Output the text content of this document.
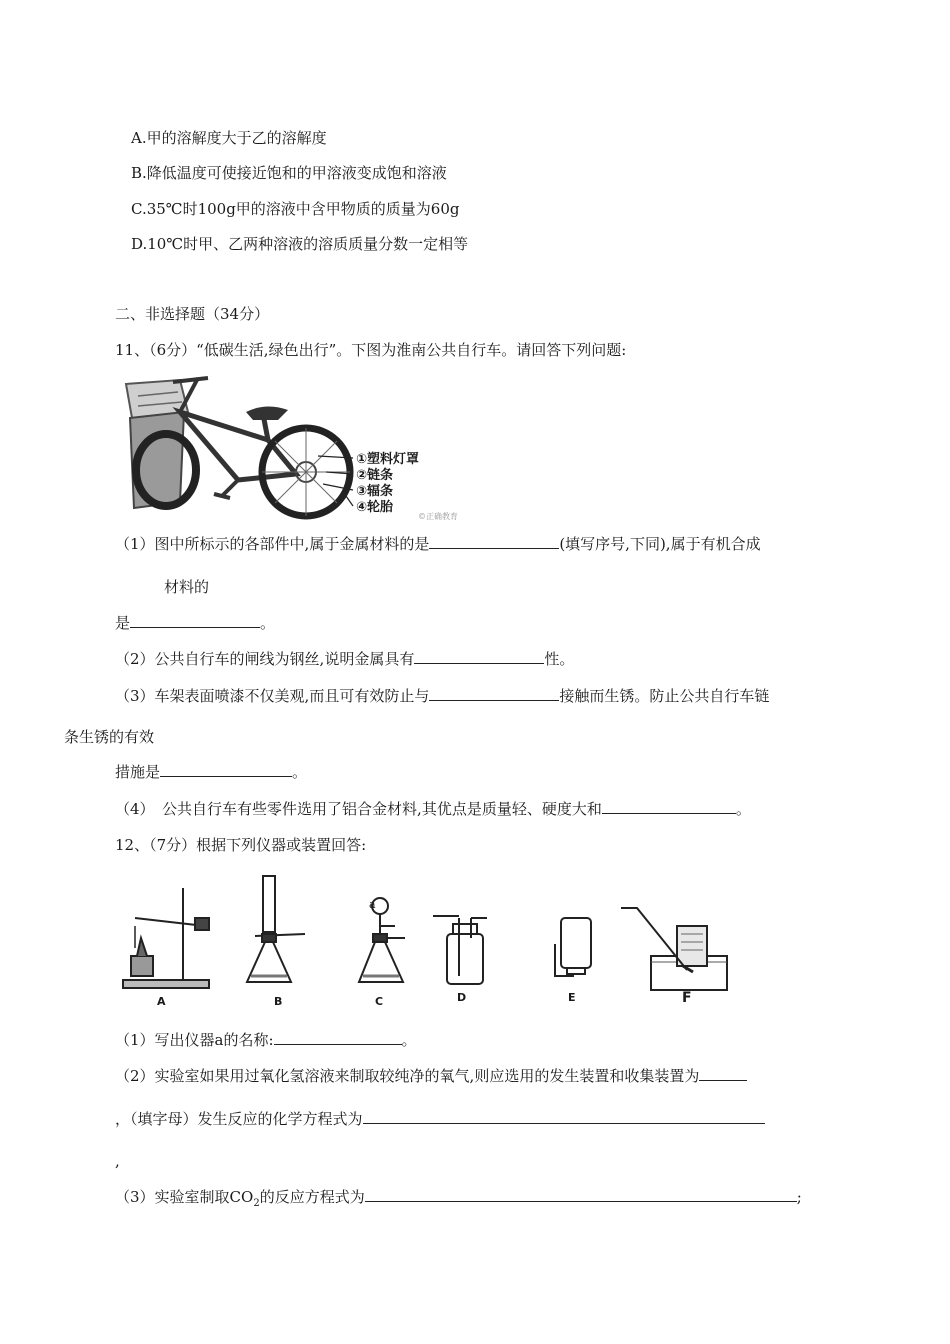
A.甲的溶解度大于乙的溶解度
B.降低温度可使接近饱和的甲溶液变成饱和溶液
C.35℃时100g甲的溶液中含甲物质的质量为60g
D.10℃时甲、乙两种溶液的溶质质量分数一定相等
二、非选择题（34分）
11、（6分）“低碳生活,绿色出行”。下图为淮南公共自行车。请回答下列问题:
①塑料灯罩
②链条
③辐条
④轮胎
©正确教育
（1）图中所标示的各部件中,属于金属材料的是	(填写序号,下同),属于有机合成
材料的
是	。
（2）公共自行车的闸线为钢丝,说明金属具有	性。
（3）车架表面喷漆不仅美观,而且可有效防止与	接触而生锈。防止公共自行车链
条生锈的有效
措施是	。
（4）　公共自行车有些零件选用了铝合金材料,其优点是质量轻、硬度大和	。
12、（7分）根据下列仪器或装置回答:
A	B	C	D	E	F
a
（1）写出仪器a的名称:	。
（2）实验室如果用过氧化氢溶液来制取较纯净的氧气,则应选用的发生装置和收集装置为
，（填字母）发生反应的化学方程式为
,
（3）实验室制取$CO_2$的反应方程式为	;
